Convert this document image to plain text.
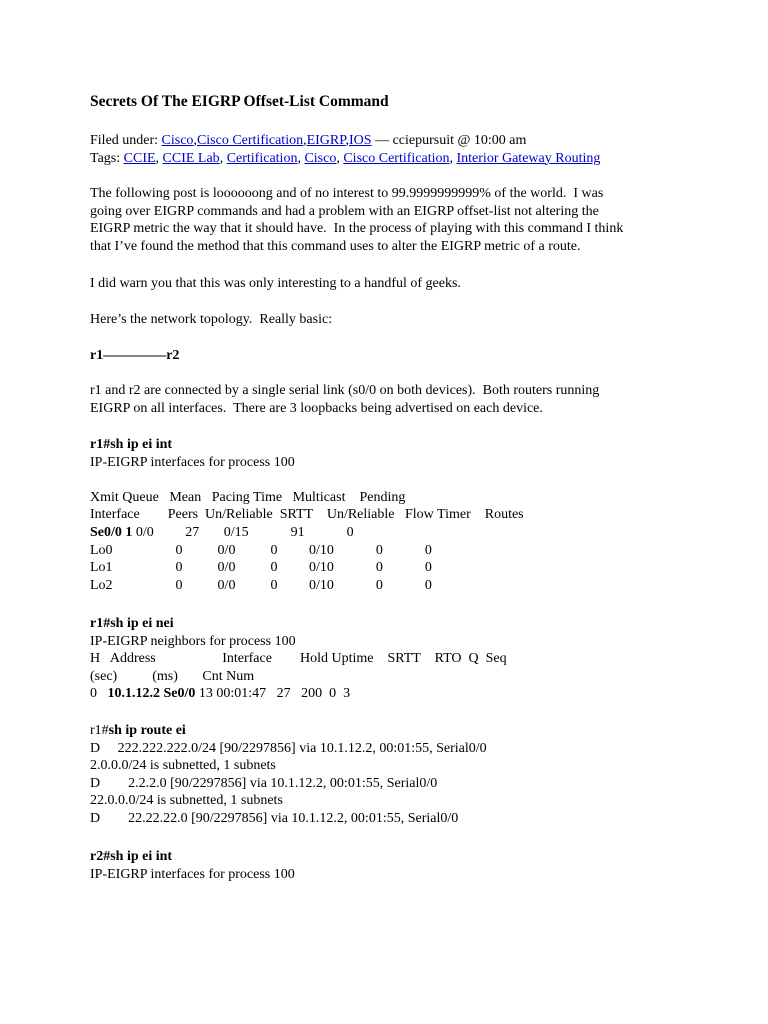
Secrets Of The EIGRP Offset-List Command
Filed under: Cisco,Cisco Certification,EIGRP,IOS — cciepursuit @ 10:00 am
Tags: CCIE, CCIE Lab, Certification, Cisco, Cisco Certification, Interior Gateway Routing
The following post is loooooong and of no interest to 99.9999999999% of the world.  I was
going over EIGRP commands and had a problem with an EIGRP offset-list not altering the
EIGRP metric the way that it should have.  In the process of playing with this command I think
that I’ve found the method that this command uses to alter the EIGRP metric of a route.
I did warn you that this was only interesting to a handful of geeks.
Here’s the network topology.  Really basic:
r1————–r2
r1 and r2 are connected by a single serial link (s0/0 on both devices).  Both routers running
EIGRP on all interfaces.  There are 3 loopbacks being advertised on each device.
r1#sh ip ei int
IP-EIGRP interfaces for process 100
Xmit Queue   Mean   Pacing Time   Multicast    Pending
Interface        Peers  Un/Reliable  SRTT    Un/Reliable   Flow Timer    Routes
Se0/0 1 0/0         27       0/15            91            0
Lo0                  0          0/0          0         0/10            0            0
Lo1                  0          0/0          0         0/10            0            0
Lo2                  0          0/0          0         0/10            0            0
r1#sh ip ei nei
IP-EIGRP neighbors for process 100
H   Address                   Interface        Hold Uptime    SRTT    RTO  Q  Seq
(sec)          (ms)       Cnt Num
0   10.1.12.2 Se0/0 13 00:01:47   27   200  0  3
r1#sh ip route ei
D     222.222.222.0/24 [90/2297856] via 10.1.12.2, 00:01:55, Serial0/0
2.0.0.0/24 is subnetted, 1 subnets
D        2.2.2.0 [90/2297856] via 10.1.12.2, 00:01:55, Serial0/0
22.0.0.0/24 is subnetted, 1 subnets
D        22.22.22.0 [90/2297856] via 10.1.12.2, 00:01:55, Serial0/0
r2#sh ip ei int
IP-EIGRP interfaces for process 100
